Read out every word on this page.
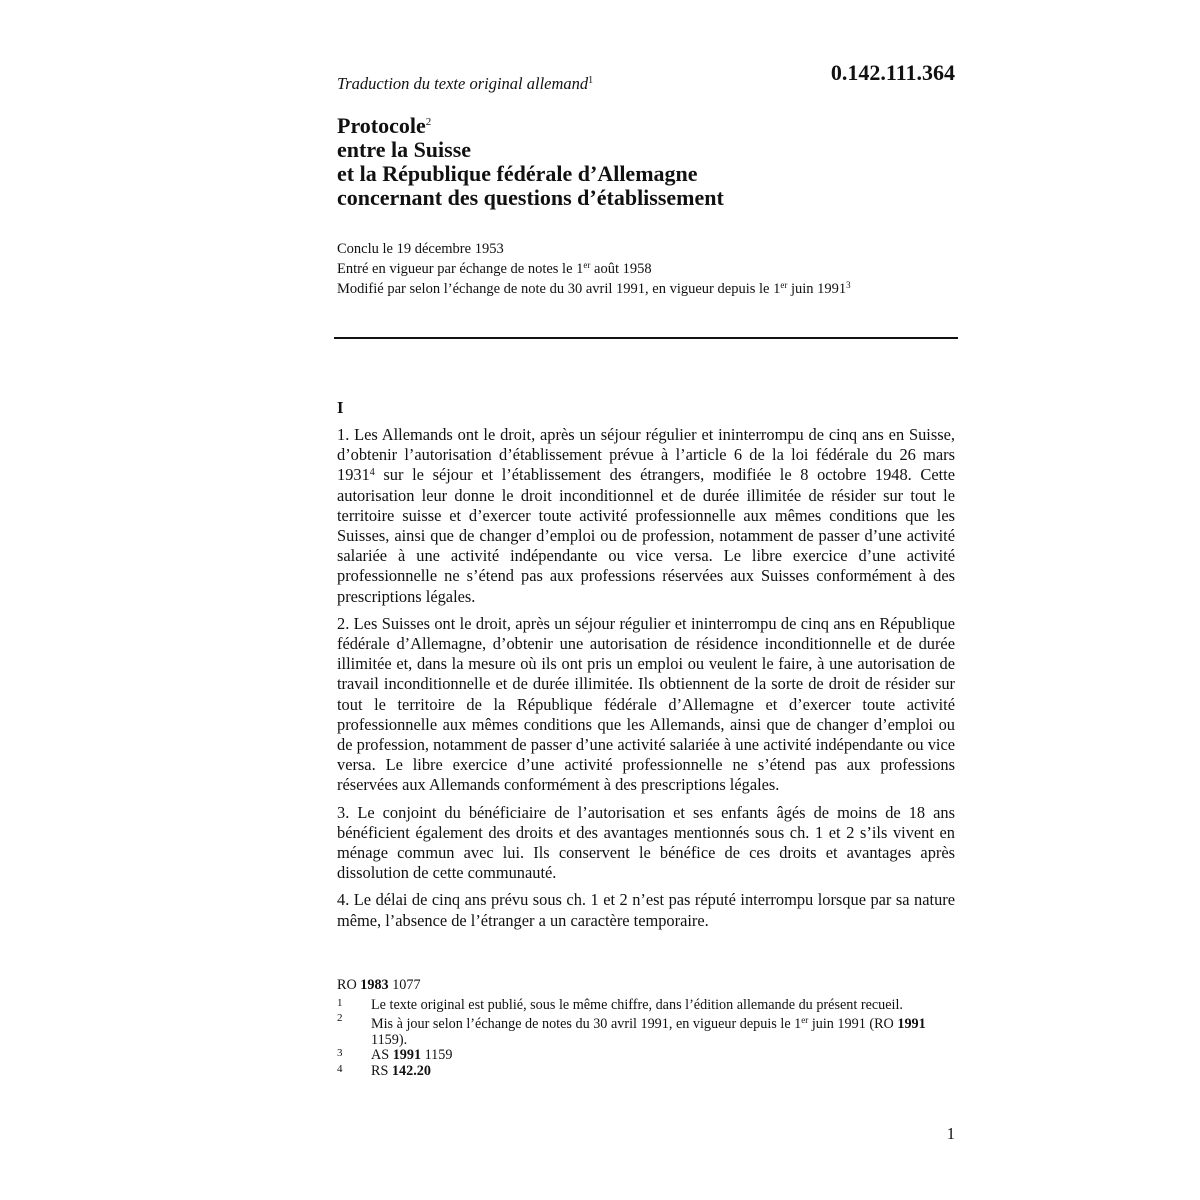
Traduction du texte original allemand$^1$	0.142.111.364
Protocole$^2$
entre la Suisse
et la République fédérale d’Allemagne
concernant des questions d’établissement
Conclu le 19 décembre 1953
Entré en vigueur par échange de notes le 1er août 1958
Modifié par selon l’échange de note du 30 avril 1991, en vigueur depuis le 1er juin 1991$^3$
I

1. Les Allemands ont le droit, après un séjour régulier et ininterrompu de cinq ans en Suisse, d’obtenir l’autorisation d’établissement prévue à l’article 6 de la loi fédérale du 26 mars 1931$^4$ sur le séjour et l’établissement des étrangers, modifiée le 8 octobre 1948. Cette autorisation leur donne le droit inconditionnel et de durée illimitée de résider sur tout le territoire suisse et d’exercer toute activité professionnelle aux mêmes conditions que les Suisses, ainsi que de changer d’emploi ou de profession, notamment de passer d’une activité salariée à une activité indépendante ou vice versa. Le libre exercice d’une activité professionnelle ne s’étend pas aux professions réservées aux Suisses conformément à des prescriptions légales.

2. Les Suisses ont le droit, après un séjour régulier et ininterrompu de cinq ans en République fédérale d’Allemagne, d’obtenir une autorisation de résidence inconditionnelle et de durée illimitée et, dans la mesure où ils ont pris un emploi ou veulent le faire, à une autorisation de travail inconditionnelle et de durée illimitée. Ils obtiennent de la sorte de droit de résider sur tout le territoire de la République fédérale d’Allemagne et d’exercer toute activité professionnelle aux mêmes conditions que les Allemands, ainsi que de changer d’emploi ou de profession, notamment de passer d’une activité salariée à une activité indépendante ou vice versa. Le libre exercice d’une activité professionnelle ne s’étend pas aux professions réservées aux Allemands conformément à des prescriptions légales.

3. Le conjoint du bénéficiaire de l’autorisation et ses enfants âgés de moins de 18 ans bénéficient également des droits et des avantages mentionnés sous ch. 1 et 2 s’ils vivent en ménage commun avec lui. Ils conservent le bénéfice de ces droits et avantages après dissolution de cette communauté.

4. Le délai de cinq ans prévu sous ch. 1 et 2 n’est pas réputé interrompu lorsque par sa nature même, l’absence de l’étranger a un caractère temporaire.

RO 1983 1077
1 Le texte original est publié, sous le même chiffre, dans l’édition allemande du présent recueil.
2 Mis à jour selon l’échange de notes du 30 avril 1991, en vigueur depuis le 1er juin 1991 (RO 1991 1159).
3 AS 1991 1159
4 RS 142.20
1
